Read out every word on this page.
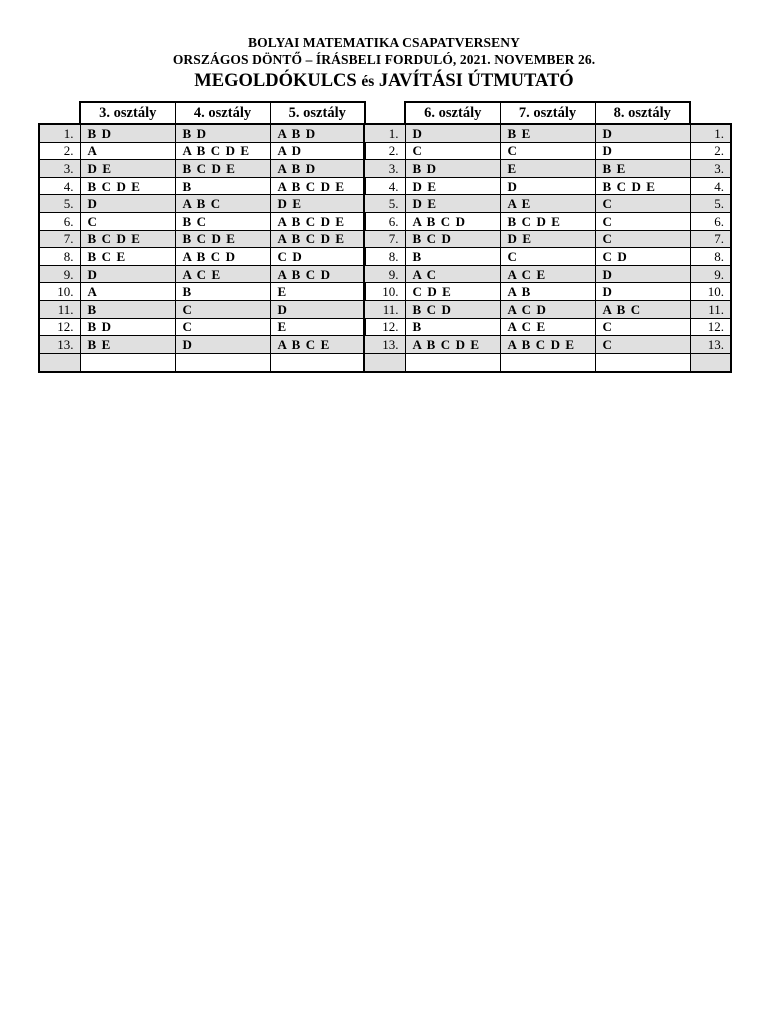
BOLYAI MATEMATIKA CSAPATVERSENY
ORSZÁGOS DÖNTŐ – ÍRÁSBELI FORDULÓ, 2021. NOVEMBER 26.
MEGOLDÓKULCS és JAVÍTÁSI ÚTMUTATÓ
	3. osztály	4. osztály	5. osztály
1.	B D	B D	A B D
2.	A	A B C D E	A D
3.	D E	B C D E	A B D
4.	B C D E	B	A B C D E
5.	D	A B C	D E
6.	C	B C	A B C D E
7.	B C D E	B C D E	A B C D E
8.	B C E	A B C D	C D
9.	D	A C E	A B C D
10.	A	B	E
11.	B	C	D
12.	B D	C	E
13.	B E	D	A B C E

	6. osztály	7. osztály	8. osztály	
1.	D	B E	D	1.
2.	C	C	D	2.
3.	B D	E	B E	3.
4.	D E	D	B C D E	4.
5.	D E	A E	C	5.
6.	A B C D	B C D E	C	6.
7.	B C D	D E	C	7.
8.	B	C	C D	8.
9.	A C	A C E	D	9.
10.	C D E	A B	D	10.
11.	B C D	A C D	A B C	11.
12.	B	A C E	C	12.
13.	A B C D E	A B C D E	C	13.
